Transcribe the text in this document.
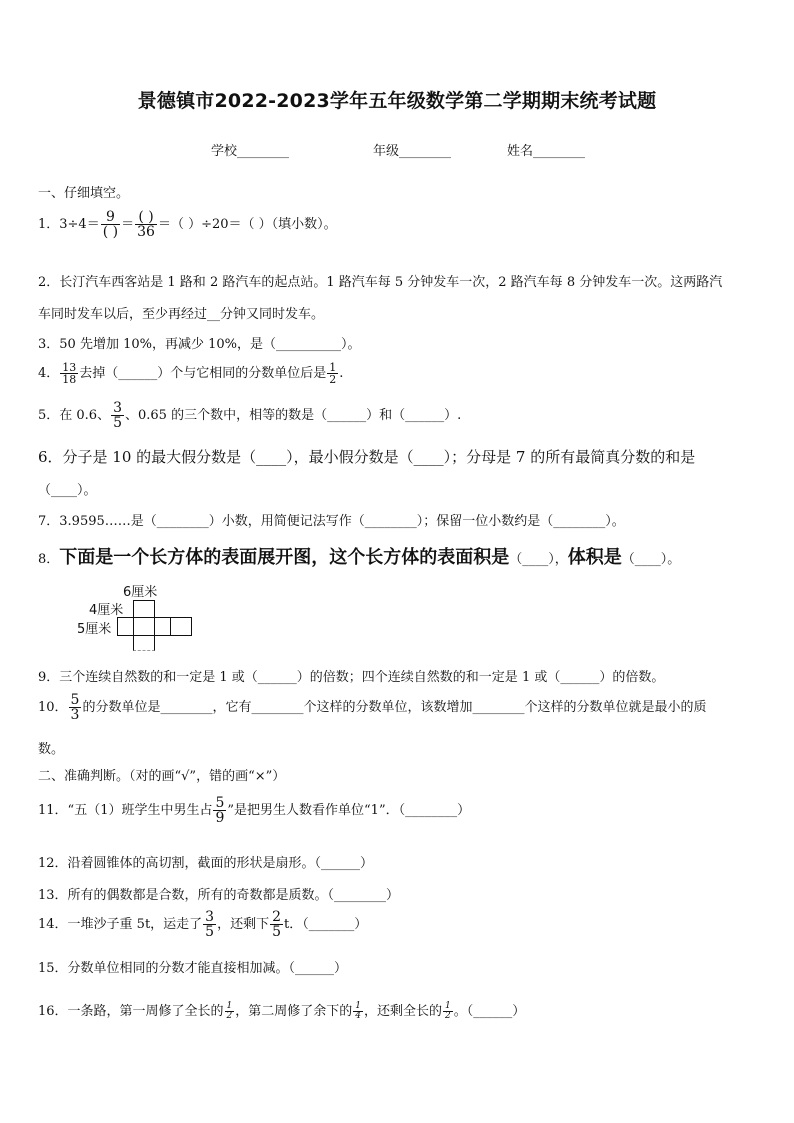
景德镇市2022-2023学年五年级数学第二学期期末统考试题
学校________	年级________	姓名________
一、仔细填空。
1．$3\div 4= \frac{9}{( )} = \frac{( )}{36}$ ＝（ ）÷20＝（ ）（填小数）。
2．长汀汽车西客站是 1 路和 2 路汽车的起点站。1 路汽车每 5 分钟发车一次，2 路汽车每 8 分钟发车一次。这两路汽
车同时发车以后，至少再经过__分钟又同时发车。
3．50 先增加 10%，再减少 10%，是（__________）。
4． $\frac{13}{18}$ 去掉（______）个与它相同的分数单位后是 $\frac{1}{2}$ .
5．在 0.6、 $\frac{3}{5}$ 、0.65 的三个数中，相等的数是（______）和（______）.
6．分子是 10 的最大假分数是（____），最小假分数是（____）；分母是 7 的所有最简真分数的和是
（____）。
7．3.9595……是（________）小数，用简便记法写作（________）；保留一位小数约是（________）。
8．下面是一个长方体的表面展开图，这个长方体的表面积是（____），体积是（____）。
6厘米
4厘米
5厘米
9．三个连续自然数的和一定是 1 或（______）的倍数；四个连续自然数的和一定是 1 或（______）的倍数。
10． $\frac{5}{3}$ 的分数单位是________，它有________个这样的分数单位，该数增加________个这样的分数单位就是最小的质
数。
二、准确判断。（对的画“√”，错的画“×”）
11．“五（1）班学生中男生占 $\frac{5}{9}$ ”是把男生人数看作单位“1”．（________）
12．沿着圆锥体的高切割，截面的形状是扇形。（______）
13．所有的偶数都是合数，所有的奇数都是质数。（________）
14．一堆沙子重 5t，运走了 $\frac{3}{5}$ ，还剩下 $\frac{2}{5}$ t．（_______）
15．分数单位相同的分数才能直接相加减。（______）
16．一条路，第一周修了全长的 $\frac{1}{2}$ ，第二周修了余下的 $\frac{1}{4}$ ，还剩全长的 $\frac{1}{2}$ 。（______）
